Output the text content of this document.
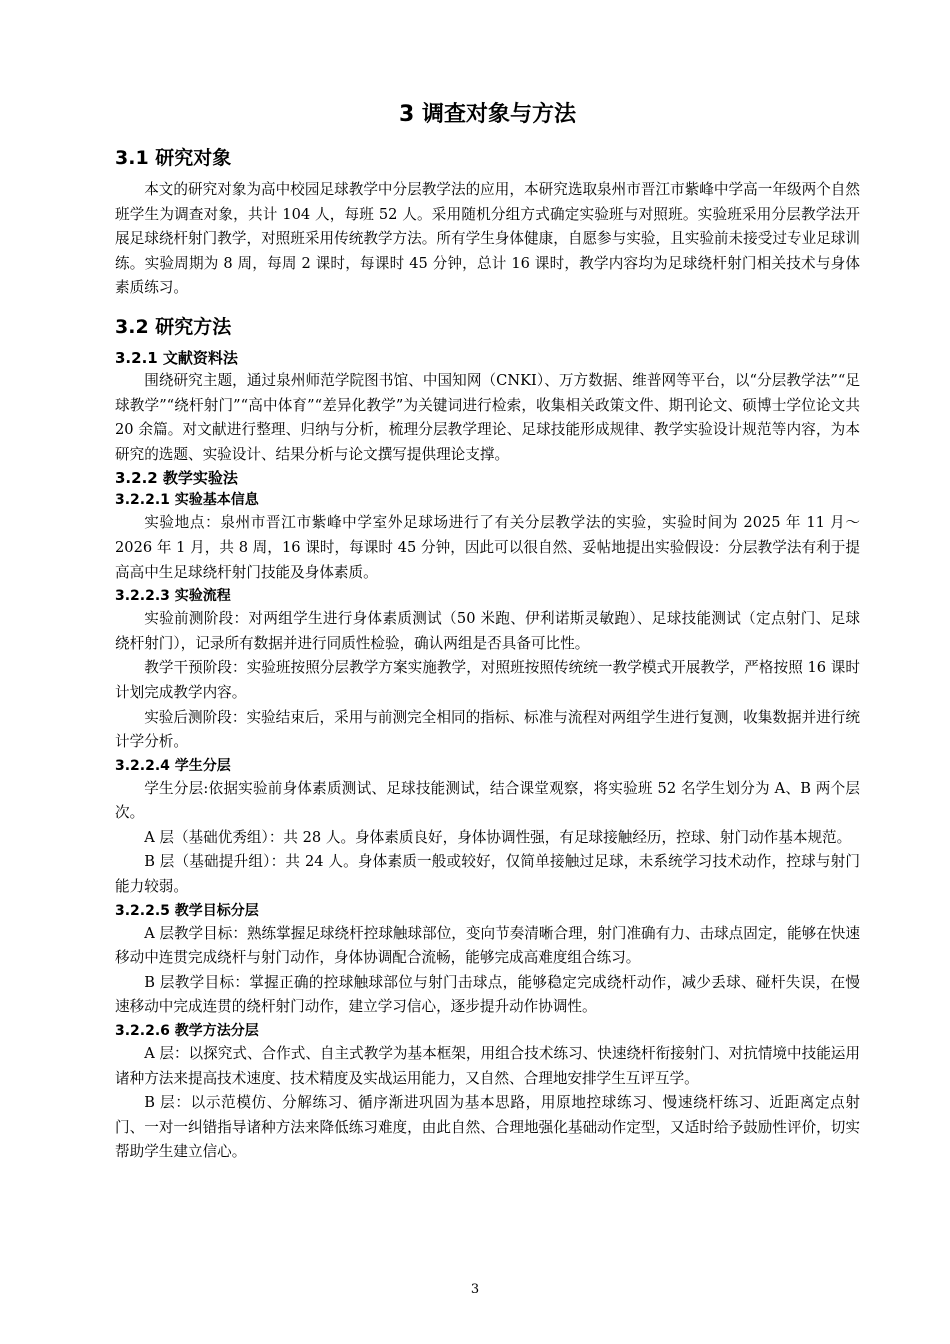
3 调查对象与方法
3.1 研究对象

本文的研究对象为高中校园足球教学中分层教学法的应用，本研究选取泉州市晋江市紫峰中学高一年级两个自然班学生为调查对象，共计 104 人，每班 52 人。采用随机分组方式确定实验班与对照班。实验班采用分层教学法开展足球绕杆射门教学，对照班采用传统教学方法。所有学生身体健康，自愿参与实验，且实验前未接受过专业足球训练。实验周期为 8 周，每周 2 课时，每课时 45 分钟，总计 16 课时，教学内容均为足球绕杆射门相关技术与身体素质练习。

3.2 研究方法
3.2.1 文献资料法

围绕研究主题，通过泉州师范学院图书馆、中国知网（CNKI）、万方数据、维普网等平台，以“分层教学法”“足球教学”“绕杆射门”“高中体育”“差异化教学”为关键词进行检索，收集相关政策文件、期刊论文、硕博士学位论文共 20 余篇。对文献进行整理、归纳与分析，梳理分层教学理论、足球技能形成规律、教学实验设计规范等内容，为本研究的选题、实验设计、结果分析与论文撰写提供理论支撑。

3.2.2 教学实验法
3.2.2.1 实验基本信息

实验地点：泉州市晋江市紫峰中学室外足球场进行了有关分层教学法的实验，实验时间为 2025 年 11 月～2026 年 1 月，共 8 周，16 课时，每课时 45 分钟，因此可以很自然、妥帖地提出实验假设：分层教学法有利于提高高中生足球绕杆射门技能及身体素质。

3.2.2.3 实验流程

实验前测阶段：对两组学生进行身体素质测试（50 米跑、伊利诺斯灵敏跑）、足球技能测试（定点射门、足球绕杆射门），记录所有数据并进行同质性检验，确认两组是否具备可比性。

教学干预阶段：实验班按照分层教学方案实施教学，对照班按照传统统一教学模式开展教学，严格按照 16 课时计划完成教学内容。

实验后测阶段：实验结束后，采用与前测完全相同的指标、标准与流程对两组学生进行复测，收集数据并进行统计学分析。

3.2.2.4 学生分层

学生分层:依据实验前身体素质测试、足球技能测试，结合课堂观察，将实验班 52 名学生划分为 A、B 两个层次。

A 层（基础优秀组）：共 28 人。身体素质良好，身体协调性强，有足球接触经历，控球、射门动作基本规范。

B 层（基础提升组）：共 24 人。身体素质一般或较好，仅简单接触过足球，未系统学习技术动作，控球与射门能力较弱。

3.2.2.5 教学目标分层

A 层教学目标：熟练掌握足球绕杆控球触球部位，变向节奏清晰合理，射门准确有力、击球点固定，能够在快速移动中连贯完成绕杆与射门动作，身体协调配合流畅，能够完成高难度组合练习。

B 层教学目标：掌握正确的控球触球部位与射门击球点，能够稳定完成绕杆动作，减少丢球、碰杆失误，在慢速移动中完成连贯的绕杆射门动作，建立学习信心，逐步提升动作协调性。

3.2.2.6 教学方法分层

A 层：以探究式、合作式、自主式教学为基本框架，用组合技术练习、快速绕杆衔接射门、对抗情境中技能运用诸种方法来提高技术速度、技术精度及实战运用能力，又自然、合理地安排学生互评互学。

B 层：以示范模仿、分解练习、循序渐进巩固为基本思路，用原地控球练习、慢速绕杆练习、近距离定点射门、一对一纠错指导诸种方法来降低练习难度，由此自然、合理地强化基础动作定型，又适时给予鼓励性评价，切实帮助学生建立信心。

3
